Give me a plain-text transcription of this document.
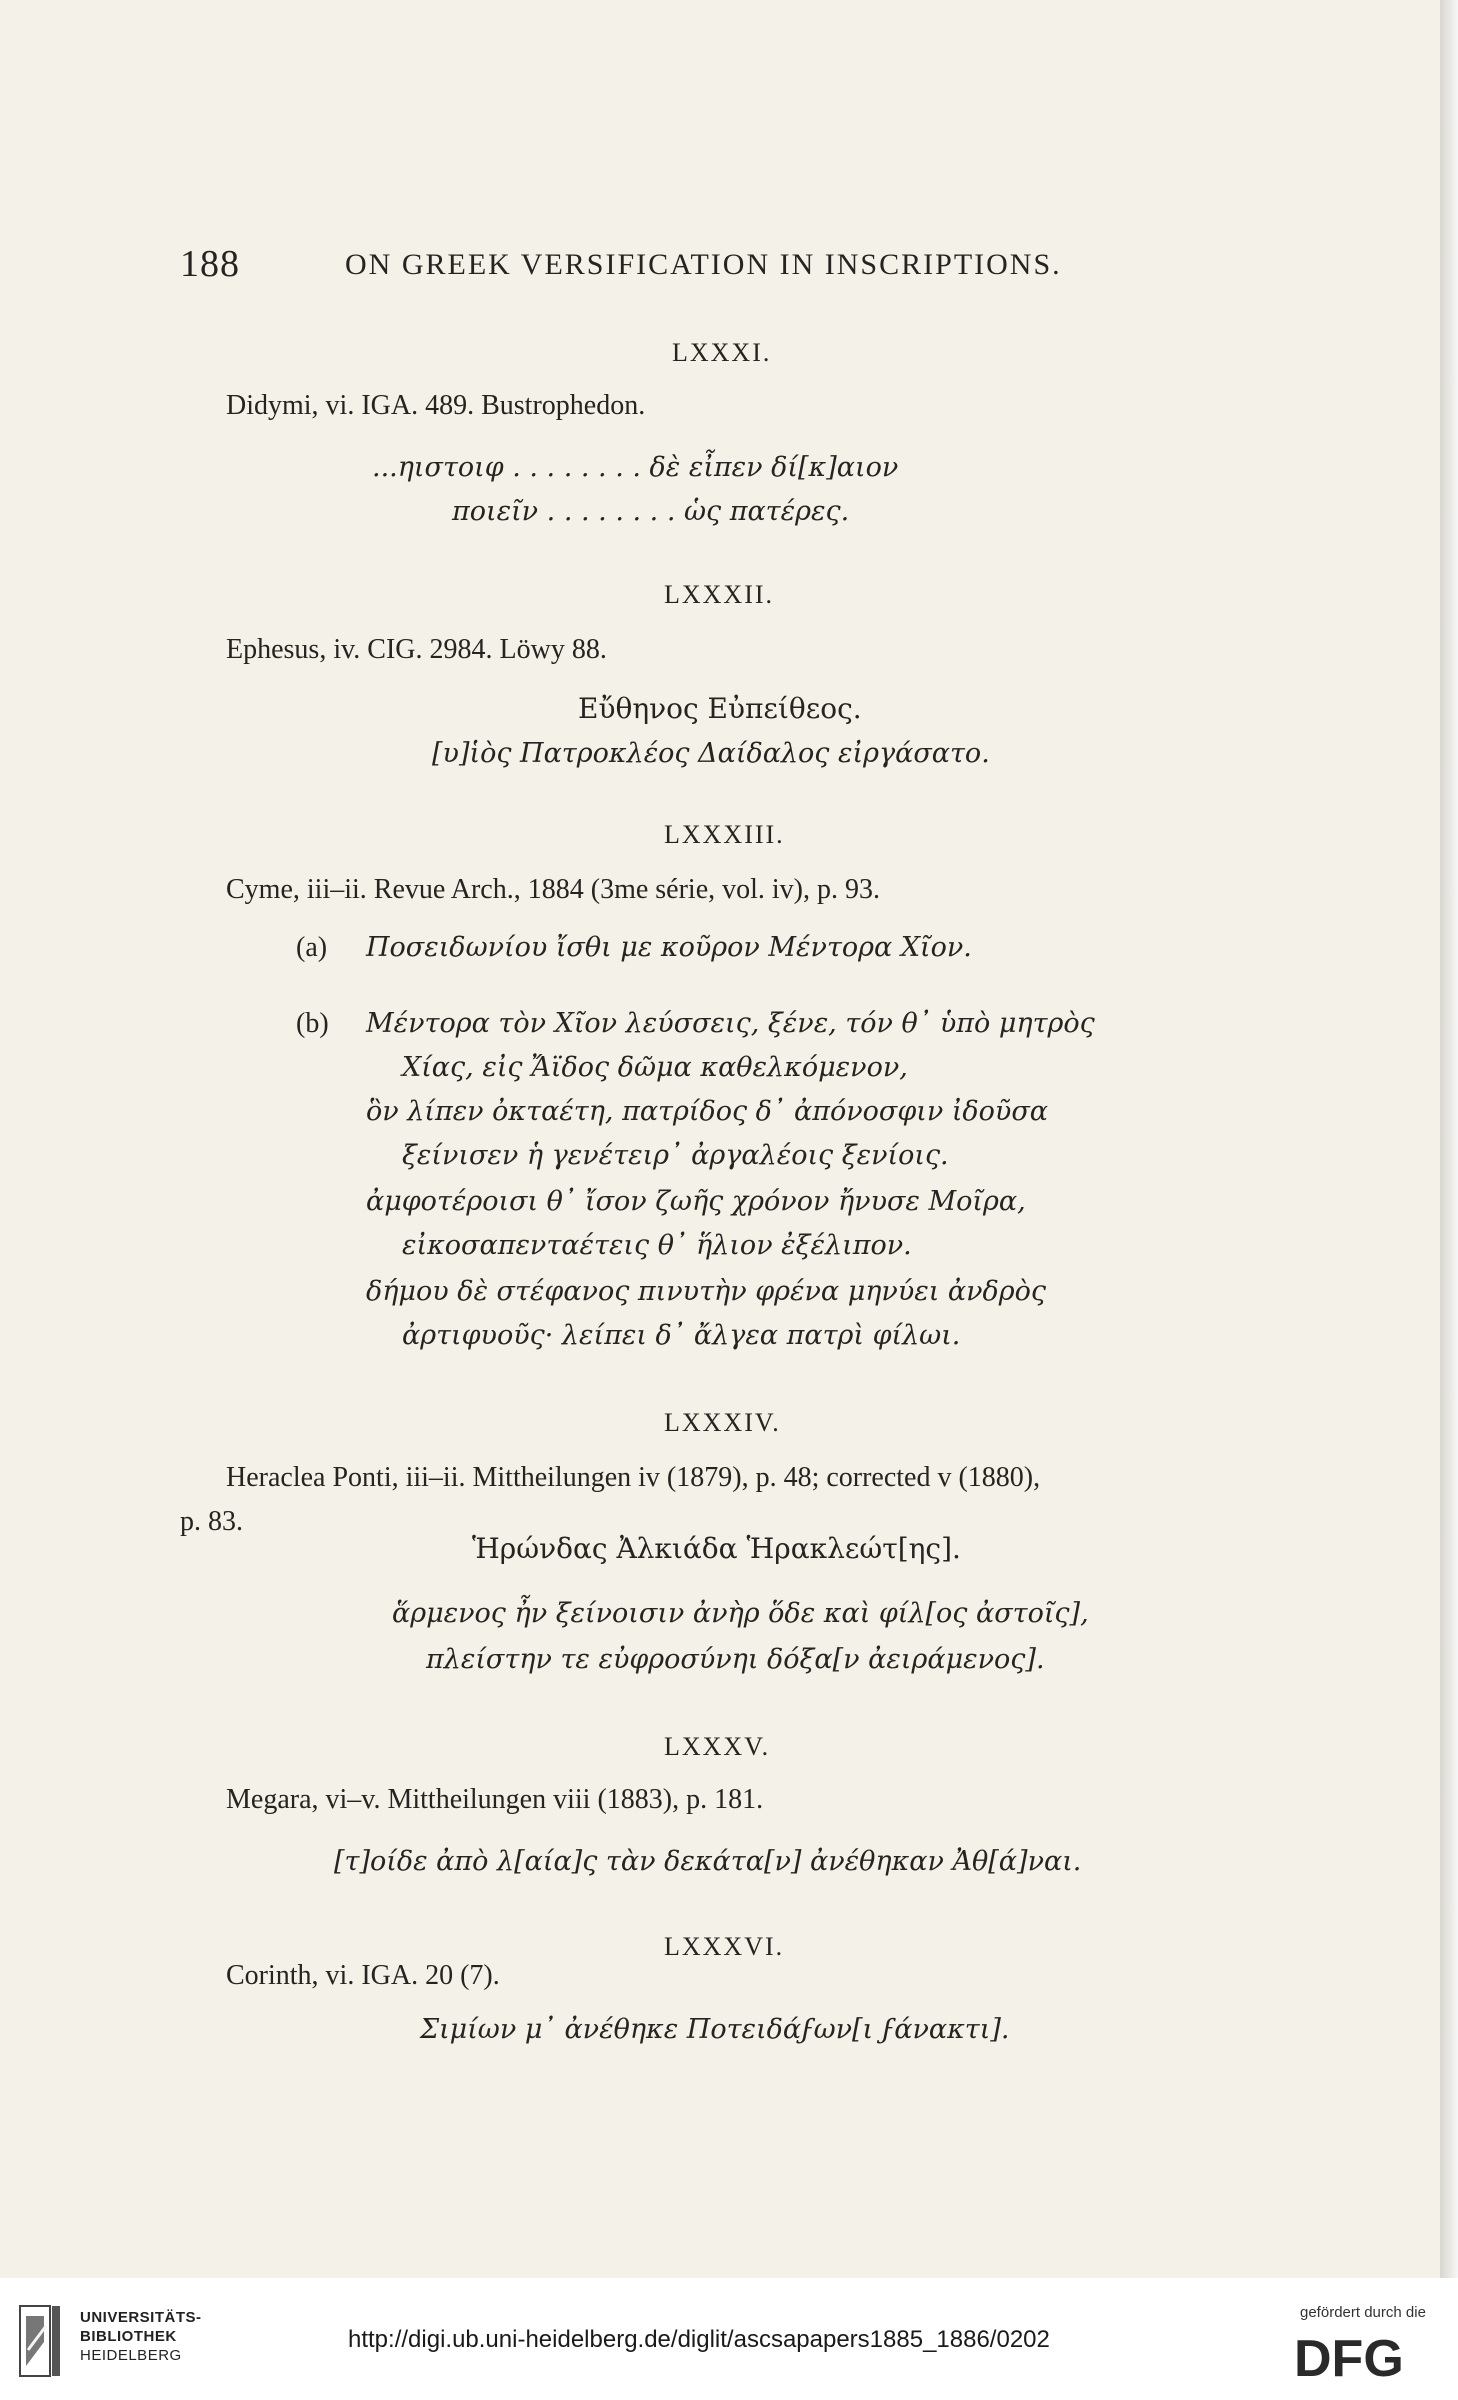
188	ON GREEK VERSIFICATION IN INSCRIPTIONS.
LXXXI.
Didymi, vi. IGA. 489. Bustrophedon.
...ηιστοιφ . . . . . . . . δὲ εἶπεν δί[κ]αιον
ποιεῖν . . . . . . . . ὡς πατέρες.
LXXXII.
Ephesus, iv. CIG. 2984. Löwy 88.
Εὔθηνος Εὐπείθεος.
[υ]ἱὸς Πατροκλέος Δαίδαλος εἰργάσατο.
LXXXIII.
Cyme, iii–ii. Revue Arch., 1884 (3me série, vol. iv), p. 93.
(a) Ποσειδωνίου ἴσθι με κοῦρον Μέντορα Χῖον.
(b) Μέντορα τὸν Χῖον λεύσσεις, ξένε, τόν θ᾽ ὑπὸ μητρὸς
Χίας, εἰς Ἄϊδος δῶμα καθελκόμενον,
ὃν λίπεν ὀκταέτη, πατρίδος δ᾽ ἀπόνοσφιν ἰδοῦσα
ξείνισεν ἡ γενέτειρ᾽ ἀργαλέοις ξενίοις.
ἀμφοτέροισι θ᾽ ἴσον ζωῆς χρόνον ἤνυσε Μοῖρα,
εἰκοσαπενταέτεις θ᾽ ἥλιον ἐξέλιπον.
δήμου δὲ στέφανος πινυτὴν φρένα μηνύει ἀνδρὸς
ἀρτιφυοῦς· λείπει δ᾽ ἄλγεα πατρὶ φίλωι.
LXXXIV.
Heraclea Ponti, iii–ii. Mittheilungen iv (1879), p. 48; corrected v (1880),
p. 83.
Ἡρώνδας Ἀλκιάδα Ἡρακλεώτ[ης].
ἅρμενος ἦν ξείνοισιν ἀνὴρ ὅδε καὶ φίλ[ος ἀστοῖς],
πλείστην τε εὐφροσύνηι δόξα[ν ἀειράμενος].
LXXXV.
Megara, vi–v. Mittheilungen viii (1883), p. 181.
[τ]οίδε ἀπὸ λ[αία]ς τὰν δεκάτα[ν] ἀνέθηκαν Ἀθ[ά]ναι.
LXXXVI.
Corinth, vi. IGA. 20 (7).
Σιμίων μ᾽ ἀνέθηκε Ποτειδάϝων[ι ϝάνακτι].
UNIVERSITÄTS-
BIBLIOTHEK
HEIDELBERG
http://digi.ub.uni-heidelberg.de/diglit/ascsapapers1885_1886/0202
gefördert durch die
DFG
